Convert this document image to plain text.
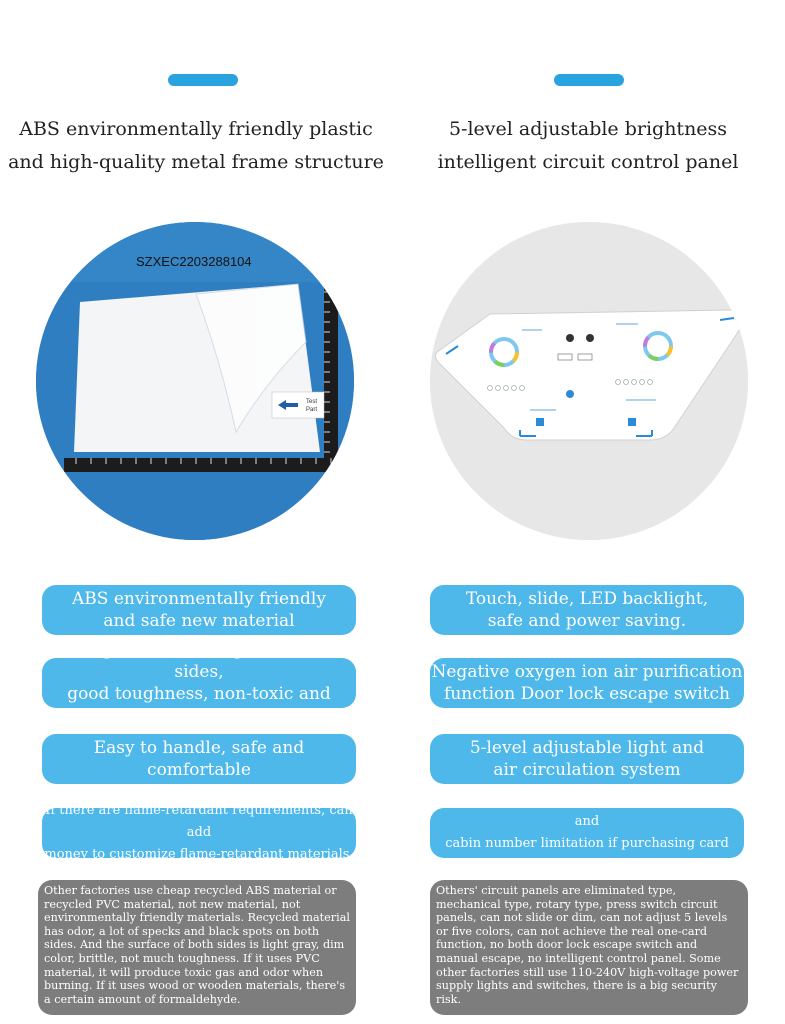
ABS environmentally friendly plastic
and high-quality metal frame structure
Test
Part
SZXEC2203288104
ABS environmentally friendly
and safe new material
No speck or black spot on both sides,
good toughness, non-toxic and odorless.
Easy to handle, safe and comfortable
If there are flame-retardant requirements, can add
money to customize flame-retardant materials.
Other factories use cheap recycled ABS material or recycled PVC material, not new material, not environmentally friendly materials. Recycled material has odor, a lot of specks and black spots on both sides. And the surface of both sides is light gray, dim color, brittle, not much toughness. If it uses PVC material, it will produce toxic gas and odor when burning. If it uses wood or wooden materials, there's a certain amount of formaldehyde.
5-level adjustable brightness
intelligent circuit control panel
Touch, slide, LED backlight,
safe and power saving.
Negative oxygen ion air purification
function Door lock escape switch
5-level adjustable light and
air circulation system
Intelligent insert card for power, can set time and
cabin number limitation if purchasing card reader.
Others' circuit panels are eliminated type, mechanical type, rotary type, press switch circuit panels, can not slide or dim, can not adjust 5 levels or five colors, can not achieve the real one-card function, no both door lock escape switch and manual escape, no intelligent control panel. Some other factories still use 110-240V high-voltage power supply lights and switches, there is a big security risk.
